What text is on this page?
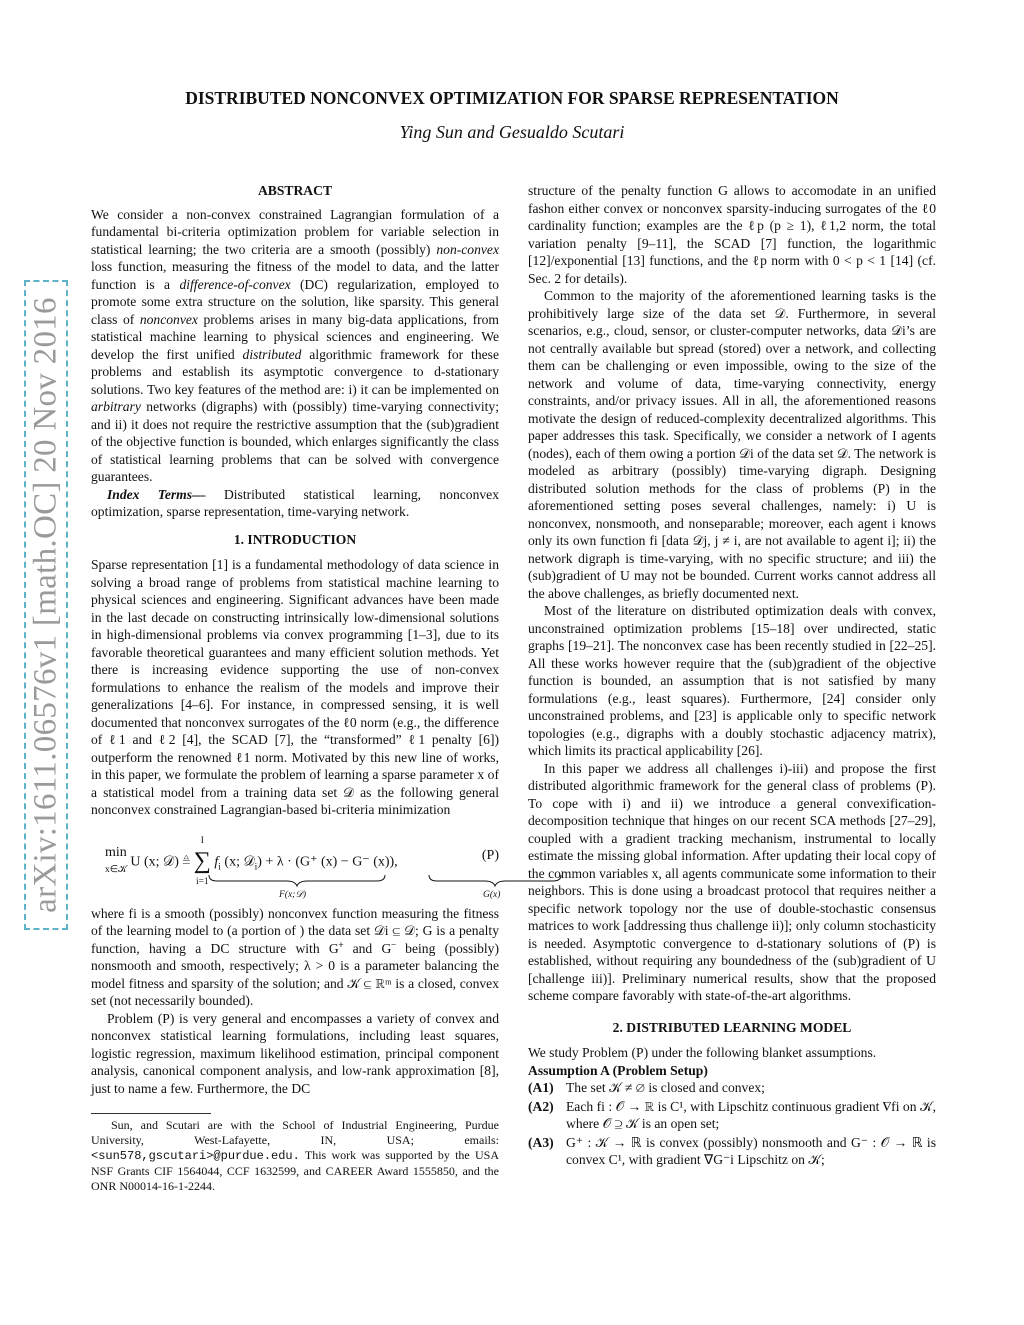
arXiv:1611.06576v1 [math.OC] 20 Nov 2016
DISTRIBUTED NONCONVEX OPTIMIZATION FOR SPARSE REPRESENTATION
Ying Sun and Gesualdo Scutari
ABSTRACT

We consider a non-convex constrained Lagrangian formulation of a fundamental bi-criteria optimization problem for variable selection in statistical learning; the two criteria are a smooth (possibly) non-convex loss function, measuring the fitness of the model to data, and the latter function is a difference-of-convex (DC) regularization, employed to promote some extra structure on the solution, like sparsity. This general class of nonconvex problems arises in many big-data applications, from statistical machine learning to physical sciences and engineering. We develop the first unified distributed algorithmic framework for these problems and establish its asymptotic convergence to d-stationary solutions. Two key features of the method are: i) it can be implemented on arbitrary networks (digraphs) with (possibly) time-varying connectivity; and ii) it does not require the restrictive assumption that the (sub)gradient of the objective function is bounded, which enlarges significantly the class of statistical learning problems that can be solved with convergence guarantees.

Index Terms— Distributed statistical learning, nonconvex optimization, sparse representation, time-varying network.

1. INTRODUCTION

Sparse representation [1] is a fundamental methodology of data science in solving a broad range of problems from statistical machine learning to physical sciences and engineering. Significant advances have been made in the last decade on constructing intrinsically low-dimensional solutions in high-dimensional problems via convex programming [1–3], due to its favorable theoretical guarantees and many efficient solution methods. Yet there is increasing evidence supporting the use of non-convex formulations to enhance the realism of the models and improve their generalizations [4–6]. For instance, in compressed sensing, it is well documented that nonconvex surrogates of the ℓ0 norm (e.g., the difference of ℓ1 and ℓ2 [4], the SCAD [7], the “transformed” ℓ1 penalty [6]) outperform the renowned ℓ1 norm. Motivated by this new line of works, in this paper, we formulate the problem of learning a sparse parameter x of a statistical model from a training data set 𝒟 as the following general nonconvex constrained Lagrangian-based bi-criteria minimization

min
x∈𝒦
U (x; 𝒟) ≜
I
∑
i=1
$f_i$ (x; 𝒟$_i$) + λ · (G⁺ (x) − G⁻ (x)),
F(x;𝒟)	G(x)
(P)

where fi is a smooth (possibly) nonconvex function measuring the fitness of the learning model to (a portion of ) the data set 𝒟i ⊆ 𝒟; G is a penalty function, having a DC structure with G⁺ and G⁻ being (possibly) nonsmooth and smooth, respectively; λ > 0 is a parameter balancing the model fitness and sparsity of the solution; and 𝒦 ⊆ ℝᵐ is a closed, convex set (not necessarily bounded).

Problem (P) is very general and encompasses a variety of convex and nonconvex statistical learning formulations, including least squares, logistic regression, maximum likelihood estimation, principal component analysis, canonical component analysis, and low-rank approximation [8], just to name a few. Furthermore, the DC

Sun, and Scutari are with the School of Industrial Engineering, Purdue University, West-Lafayette, IN, USA; emails: <sun578,gscutari>@purdue.edu. This work was supported by the USA NSF Grants CIF 1564044, CCF 1632599, and CAREER Award 1555850, and the ONR N00014-16-1-2244.

structure of the penalty function G allows to accomodate in an unified fashon either convex or nonconvex sparsity-inducing surrogates of the ℓ0 cardinality function; examples are the ℓp (p ≥ 1), ℓ1,2 norm, the total variation penalty [9–11], the SCAD [7] function, the logarithmic [12]/exponential [13] functions, and the ℓp norm with 0 < p < 1 [14] (cf. Sec. 2 for details).

Common to the majority of the aforementioned learning tasks is the prohibitively large size of the data set 𝒟. Furthermore, in several scenarios, e.g., cloud, sensor, or cluster-computer networks, data 𝒟i’s are not centrally available but spread (stored) over a network, and collecting them can be challenging or even impossible, owing to the size of the network and volume of data, time-varying connectivity, energy constraints, and/or privacy issues. All in all, the aforementioned reasons motivate the design of reduced-complexity decentralized algorithms. This paper addresses this task. Specifically, we consider a network of I agents (nodes), each of them owing a portion 𝒟i of the data set 𝒟. The network is modeled as arbitrary (possibly) time-varying digraph. Designing distributed solution methods for the class of problems (P) in the aforementioned setting poses several challenges, namely: i) U is nonconvex, nonsmooth, and nonseparable; moreover, each agent i knows only its own function fi [data 𝒟j, j ≠ i, are not available to agent i]; ii) the network digraph is time-varying, with no specific structure; and iii) the (sub)gradient of U may not be bounded. Current works cannot address all the above challenges, as briefly documented next.

Most of the literature on distributed optimization deals with convex, unconstrained optimization problems [15–18] over undirected, static graphs [19–21]. The nonconvex case has been recently studied in [22–25]. All these works however require that the (sub)gradient of the objective function is bounded, an assumption that is not satisfied by many formulations (e.g., least squares). Furthermore, [24] consider only unconstrained problems, and [23] is applicable only to specific network topologies (e.g., digraphs with a doubly stochastic adjacency matrix), which limits its practical applicability [26].

In this paper we address all challenges i)-iii) and propose the first distributed algorithmic framework for the general class of problems (P). To cope with i) and ii) we introduce a general convexification-decomposition technique that hinges on our recent SCA methods [27–29], coupled with a gradient tracking mechanism, instrumental to locally estimate the missing global information. After updating their local copy of the common variables x, all agents communicate some information to their neighbors. This is done using a broadcast protocol that requires neither a specific network topology nor the use of double-stochastic consensus matrices to work [addressing thus challenge ii)]; only column stochasticity is needed. Asymptotic convergence to d-stationary solutions of (P) is established, without requiring any boundedness of the (sub)gradient of U [challenge iii)]. Preliminary numerical results, show that the proposed scheme compare favorably with state-of-the-art algorithms.

2. DISTRIBUTED LEARNING MODEL

We study Problem (P) under the following blanket assumptions.

Assumption A (Problem Setup)

(A1) The set 𝒦 ≠ ∅ is closed and convex;
(A2) Each fi : 𝒪 → ℝ is C¹, with Lipschitz continuous gradient ∇fi on 𝒦, where 𝒪 ⊇ 𝒦 is an open set;
(A3) G⁺ : 𝒦 → ℝ is convex (possibly) nonsmooth and G⁻ : 𝒪 → ℝ is convex C¹, with gradient ∇G⁻i Lipschitz on 𝒦;
